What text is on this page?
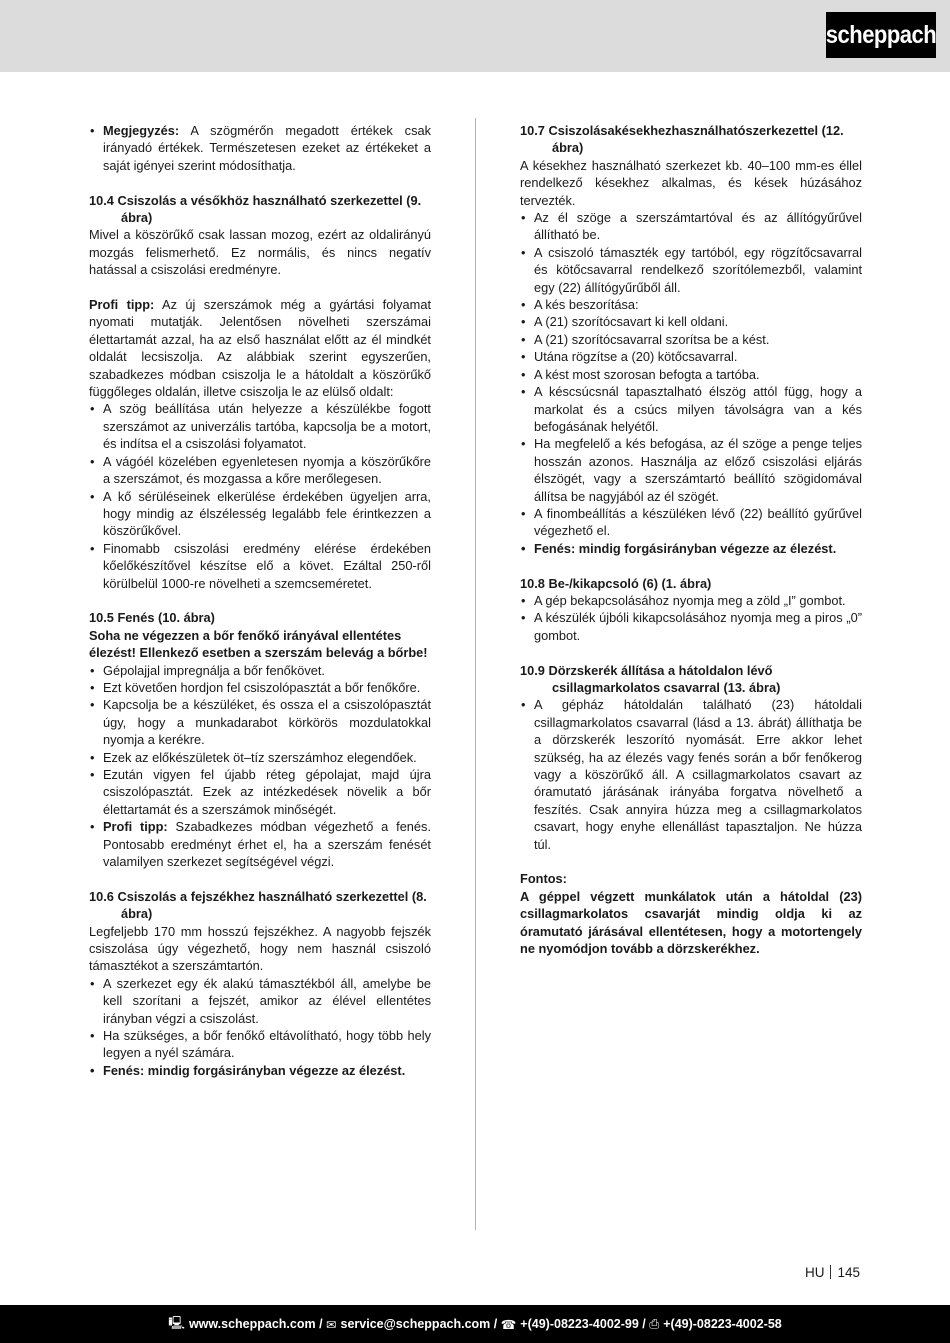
scheppach
• Megjegyzés: A szögmérőn megadott értékek csak irányadó értékek. Természetesen ezeket az értékeket a saját igényei szerint módosíthatja.

10.4 Csiszolás a vésőkhöz használható szerkezettel (9. ábra)

Mivel a köszörűkő csak lassan mozog, ezért az oldalirányú mozgás felismerhető. Ez normális, és nincs negatív hatással a csiszolási eredményre.

Profi tipp: Az új szerszámok még a gyártási folyamat nyomati mutatják. Jelentősen növelheti szerszámai élettartamát azzal, ha az első használat előtt az él mindkét oldalát lecsiszolja. Az alábbiak szerint egyszerűen, szabadkezes módban csiszolja le a hátoldalt a köszörűkő függőleges oldalán, illetve csiszolja le az elülső oldalt:

• A szög beállítása után helyezze a készülékbe fogott szerszámot az univerzális tartóba, kapcsolja be a motort, és indítsa el a csiszolási folyamatot.
• A vágóél közelében egyenletesen nyomja a köszörűkőre a szerszámot, és mozgassa a kőre merőlegesen.
• A kő sérüléseinek elkerülése érdekében ügyeljen arra, hogy mindig az élszélesség legalább fele érintkezzen a köszörűkővel.
• Finomabb csiszolási eredmény elérése érdekében kőelőkészítővel készítse elő a követ. Ezáltal 250-ről körülbelül 1000-re növelheti a szemcseméretet.

10.5 Fenés (10. ábra)

Soha ne végezzen a bőr fenőkő irányával ellentétes élezést! Ellenkező esetben a szerszám belevág a bőrbe!

• Gépolajjal impregnálja a bőr fenőkövet.
• Ezt követően hordjon fel csiszolópasztát a bőr fenőkőre.
• Kapcsolja be a készüléket, és ossza el a csiszolópasztát úgy, hogy a munkadarabot körkörös mozdulatokkal nyomja a kerékre.
• Ezek az előkészületek öt–tíz szerszámhoz elegendőek.
• Ezután vigyen fel újabb réteg gépolajat, majd újra csiszolópasztát. Ezek az intézkedések növelik a bőr élettartamát és a szerszámok minőségét.
• Profi tipp: Szabadkezes módban végezhető a fenés. Pontosabb eredményt érhet el, ha a szerszám fenését valamilyen szerkezet segítségével végzi.

10.6 Csiszolás a fejszékhez használható szerkezettel (8. ábra)

Legfeljebb 170 mm hosszú fejszékhez. A nagyobb fejszék csiszolása úgy végezhető, hogy nem használ csiszoló támasztékot a szerszámtartón.

• A szerkezet egy ék alakú támasztékból áll, amelybe be kell szorítani a fejszét, amikor az élével ellentétes irányban végzi a csiszolást.
• Ha szükséges, a bőr fenőkő eltávolítható, hogy több hely legyen a nyél számára.
• Fenés: mindig forgásirányban végezze az élezést.

10.7 Csiszolásakésekhezhasználhatószerkezettel (12. ábra)

A késekhez használható szerkezet kb. 40–100 mm-es éllel rendelkező késekhez alkalmas, és kések húzásához tervezték.

• Az él szöge a szerszámtartóval és az állítógyűrűvel állítható be.
• A csiszoló támaszték egy tartóból, egy rögzítőcsavarral és kötőcsavarral rendelkező szorítólemezből, valamint egy (22) állítógyűrűből áll.
• A kés beszorítása:
• A (21) szorítócsavart ki kell oldani.
• A (21) szorítócsavarral szorítsa be a kést.
• Utána rögzítse a (20) kötőcsavarral.
• A kést most szorosan befogta a tartóba.
• A késcsúcsnál tapasztalható élszög attól függ, hogy a markolat és a csúcs milyen távolságra van a kés befogásának helyétől.
• Ha megfelelő a kés befogása, az él szöge a penge teljes hosszán azonos. Használja az előző csiszolási eljárás élszögét, vagy a szerszámtartó beállító szögidomával állítsa be nagyjából az él szögét.
• A finombeállítás a készüléken lévő (22) beállító gyűrűvel végezhető el.
• Fenés: mindig forgásirányban végezze az élezést.

10.8 Be-/kikapcsoló (6) (1. ábra)

• A gép bekapcsolásához nyomja meg a zöld „I” gombot.
• A készülék újbóli kikapcsolásához nyomja meg a piros „0” gombot.

10.9 Dörzskerék állítása a hátoldalon lévő csillagmarkolatos csavarral (13. ábra)

• A gépház hátoldalán található (23) hátoldali csillagmarkolatos csavarral (lásd a 13. ábrát) állíthatja be a dörzskerék leszorító nyomását. Erre akkor lehet szükség, ha az élezés vagy fenés során a bőr fenőkerog vagy a köszörűkő áll. A csillagmarkolatos csavart az óramutató járásának irányába forgatva növelhető a feszítés. Csak annyira húzza meg a csillagmarkolatos csavart, hogy enyhe ellenállást tapasztaljon. Ne húzza túl.

Fontos:

A géppel végzett munkálatok után a hátoldal (23) csillagmarkolatos csavarját mindig oldja ki az óramutató járásával ellentétesen, hogy a motortengely ne nyomódjon tovább a dörzskerékhez.

HU 145
🖳 www.scheppach.com /
✉ service@scheppach.com /
☎ +(49)-08223-4002-99 /
⎙ +(49)-08223-4002-58
